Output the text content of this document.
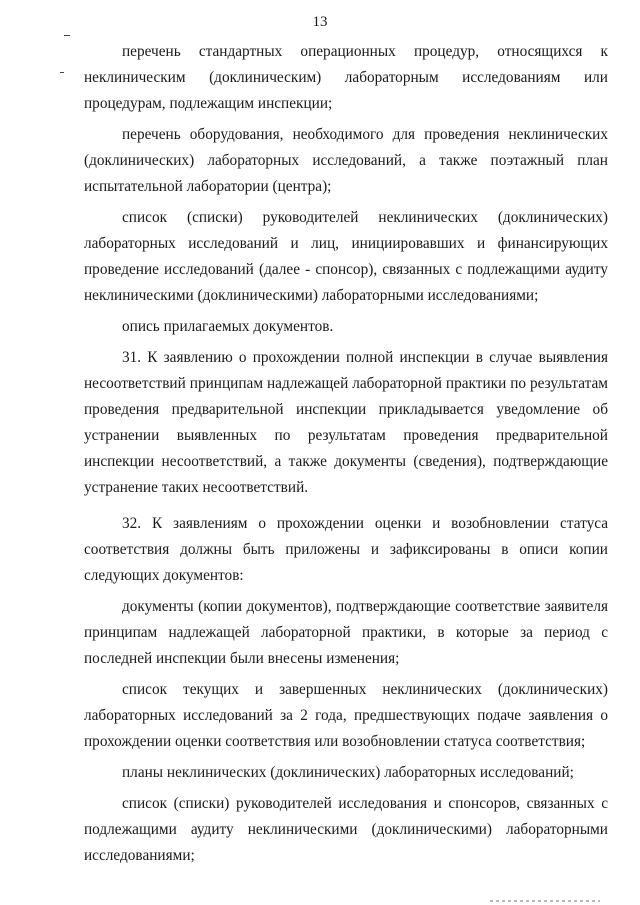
13

перечень стандартных операционных процедур, относящихся к неклиническим (доклиническим) лабораторным исследованиям или процедурам, подлежащим инспекции;

перечень оборудования, необходимого для проведения неклинических (доклинических) лабораторных исследований, а также поэтажный план испытательной лаборатории (центра);

список (списки) руководителей неклинических (доклинических) лабораторных исследований и лиц, инициировавших и финансирующих проведение исследований (далее - спонсор), связанных с подлежащими аудиту неклиническими (доклиническими) лабораторными исследованиями;

опись прилагаемых документов.

31. К заявлению о прохождении полной инспекции в случае выявления несоответствий принципам надлежащей лабораторной практики по результатам проведения предварительной инспекции прикладывается уведомление об устранении выявленных по результатам проведения предварительной инспекции несоответствий, а также документы (сведения), подтверждающие устранение таких несоответствий.

32. К заявлениям о прохождении оценки и возобновлении статуса соответствия должны быть приложены и зафиксированы в описи копии следующих документов:

документы (копии документов), подтверждающие соответствие заявителя принципам надлежащей лабораторной практики, в которые за период с последней инспекции были внесены изменения;

список текущих и завершенных неклинических (доклинических) лабораторных исследований за 2 года, предшествующих подаче заявления о прохождении оценки соответствия или возобновлении статуса соответствия;

планы неклинических (доклинических) лабораторных исследований;

список (списки) руководителей исследования и спонсоров, связанных с подлежащими аудиту неклиническими (доклиническими) лабораторными исследованиями;
